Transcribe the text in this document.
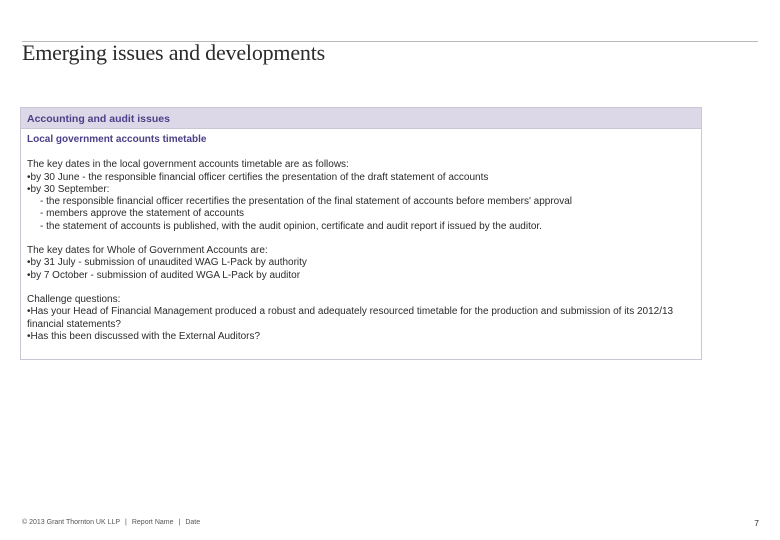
Emerging issues and developments
Accounting and audit issues
Local government accounts timetable
The key dates in the local government accounts timetable are as follows:
•by 30 June - the responsible financial officer certifies the presentation of the draft statement of accounts
•by 30 September:
- the responsible financial officer recertifies the presentation of the final statement of accounts before members' approval
- members approve the statement of accounts
- the statement of accounts is published, with the audit opinion, certificate and audit report if issued by the auditor.
The key dates for Whole of Government Accounts are:
•by 31 July - submission of unaudited WAG L-Pack by authority
•by 7 October - submission of audited WGA L-Pack by auditor
Challenge questions:
•Has your Head of Financial Management produced a robust and adequately resourced timetable for the production and submission of its 2012/13 financial statements?
•Has this been discussed with the External Auditors?
© 2013 Grant Thornton UK LLP | Report Name | Date	7
